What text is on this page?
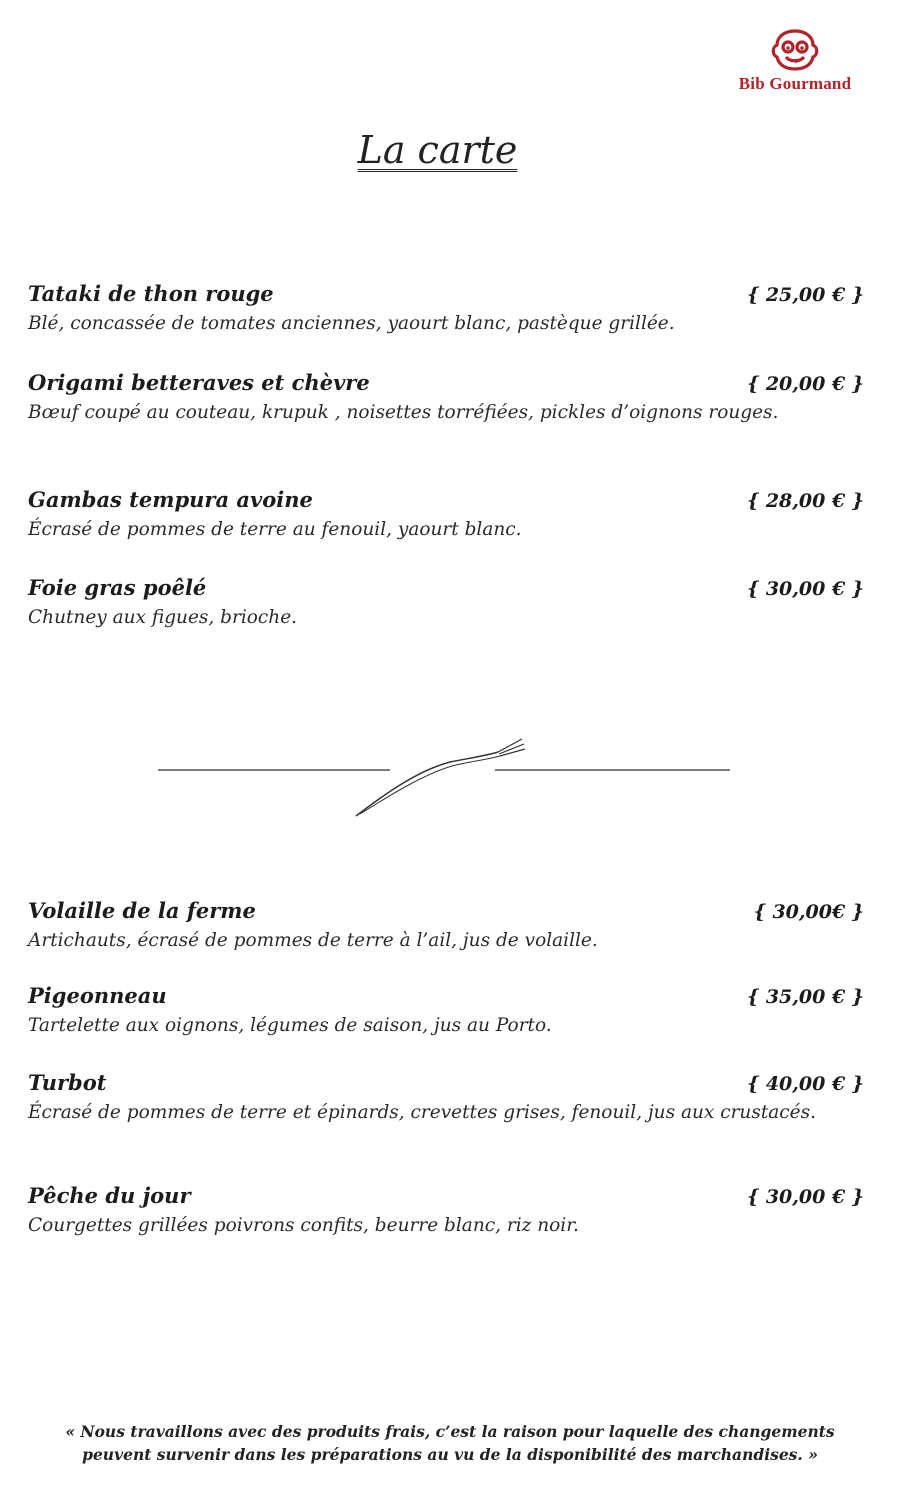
Bib Gourmand
La carte
Tataki de thon rouge	{ 25,00 € }
Blé, concassée de tomates anciennes, yaourt blanc, pastèque grillée.
Origami betteraves et chèvre	{ 20,00 € }
Bœuf coupé au couteau, krupuk , noisettes torréfiées, pickles d’oignons rouges.
Gambas tempura avoine	{ 28,00 € }
Écrasé de pommes de terre au fenouil, yaourt blanc.
Foie gras poêlé	{ 30,00 € }
Chutney aux figues, brioche.
Volaille de la ferme	{ 30,00€ }
Artichauts, écrasé de pommes de terre à l’ail, jus de volaille.
Pigeonneau	{ 35,00 € }
Tartelette aux oignons, légumes de saison, jus au Porto.
Turbot	{ 40,00 € }
Écrasé de pommes de terre et épinards, crevettes grises, fenouil, jus aux crustacés.
Pêche du jour	{ 30,00 € }
Courgettes grillées poivrons confits, beurre blanc, riz noir.
« Nous travaillons avec des produits frais, c’est la raison pour laquelle des changements
peuvent survenir dans les préparations au vu de la disponibilité des marchandises. »
